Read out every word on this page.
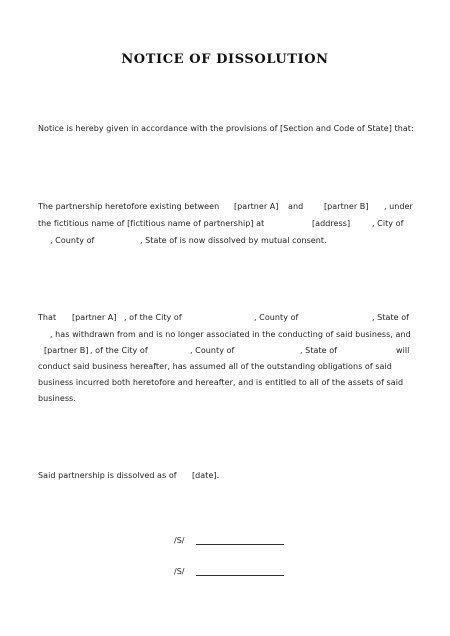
NOTICE OF DISSOLUTION
Notice is hereby given in accordance with the provisions of [Section and Code of State] that:
The partnership heretofore existing between [partner A] and	[partner B] , under
the fictitious name of [fictitious name of partnership] at	[address]	, City of
, County of	, State of is now dissolved by mutual consent.
That [partner A] , of the City of	, County of	, State of
, has withdrawn from and is no longer associated in the conducting of said business, and
[partner B] , of the City of	, County of	, State of	will
conduct said business hereafter, has assumed all of the outstanding obligations of said
business incurred both heretofore and hereafter, and is entitled to all of the assets of said
business.
Said partnership is dissolved as of [date].
/S/
/S/
